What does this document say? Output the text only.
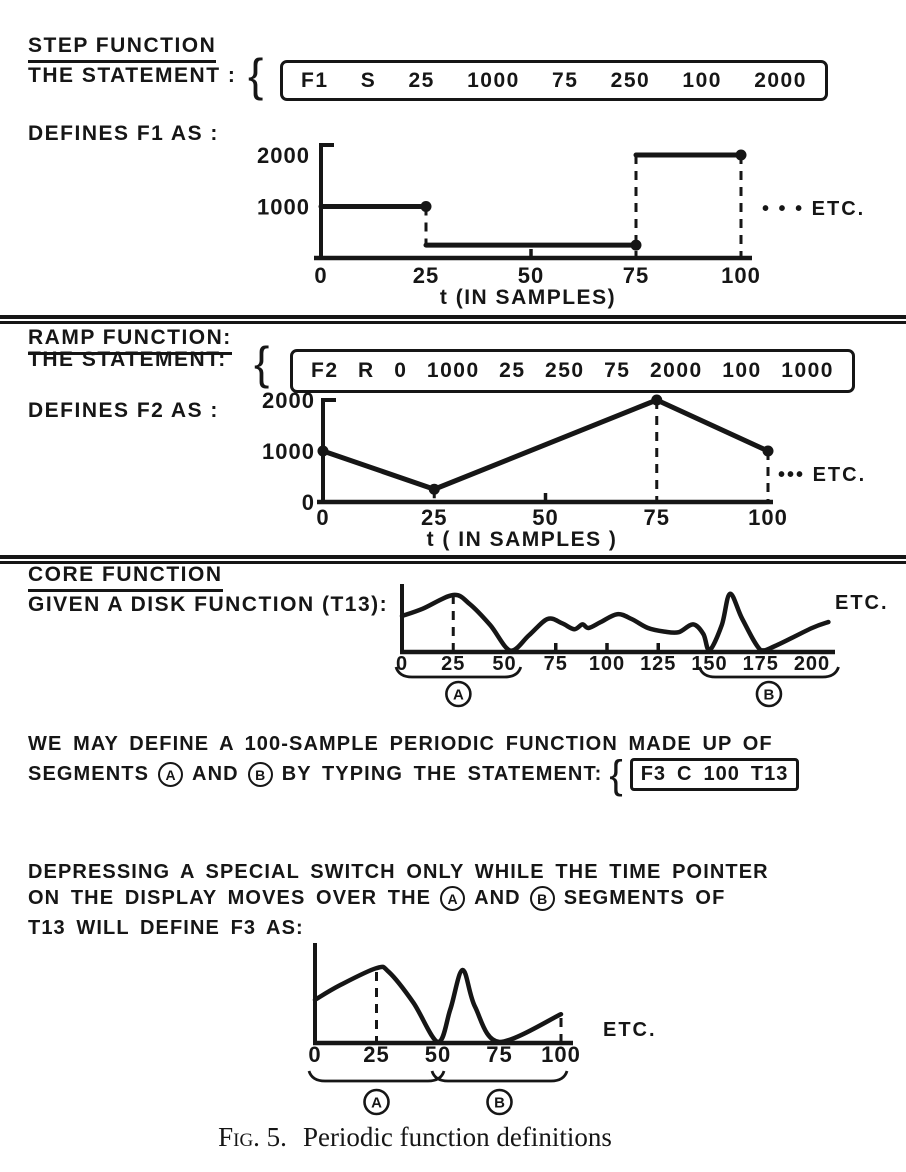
STEP FUNCTION
THE STATEMENT : { F1 S 25 1000 75 250 100 2000
DEFINES F1 AS :
0	25	50	75	100
1000
2000
t (IN SAMPLES)
• • • ETC.
RAMP FUNCTION:
THE STATEMENT: { F2 R 0 1000 25 250 75 2000 100 1000
DEFINES F2 AS :
0	25	50	75	100
0
1000
2000
t ( IN SAMPLES )
••• ETC.
CORE FUNCTION
GIVEN A DISK FUNCTION (T13):
0 25 50 75 100 125 150 175 200
A	B
ETC.
WE MAY DEFINE A 100-SAMPLE PERIODIC FUNCTION MADE UP OF
SEGMENTS	A AND	B BY TYPING THE STATEMENT: { F3 C 100 T13
DEPRESSING A SPECIAL SWITCH ONLY WHILE THE TIME POINTER
ON THE DISPLAY MOVES OVER THE	A AND	B SEGMENTS OF
T13 WILL DEFINE F3 AS:
0 25 50 75 100
A	B
ETC.
Fig. 5. Periodic function definitions
